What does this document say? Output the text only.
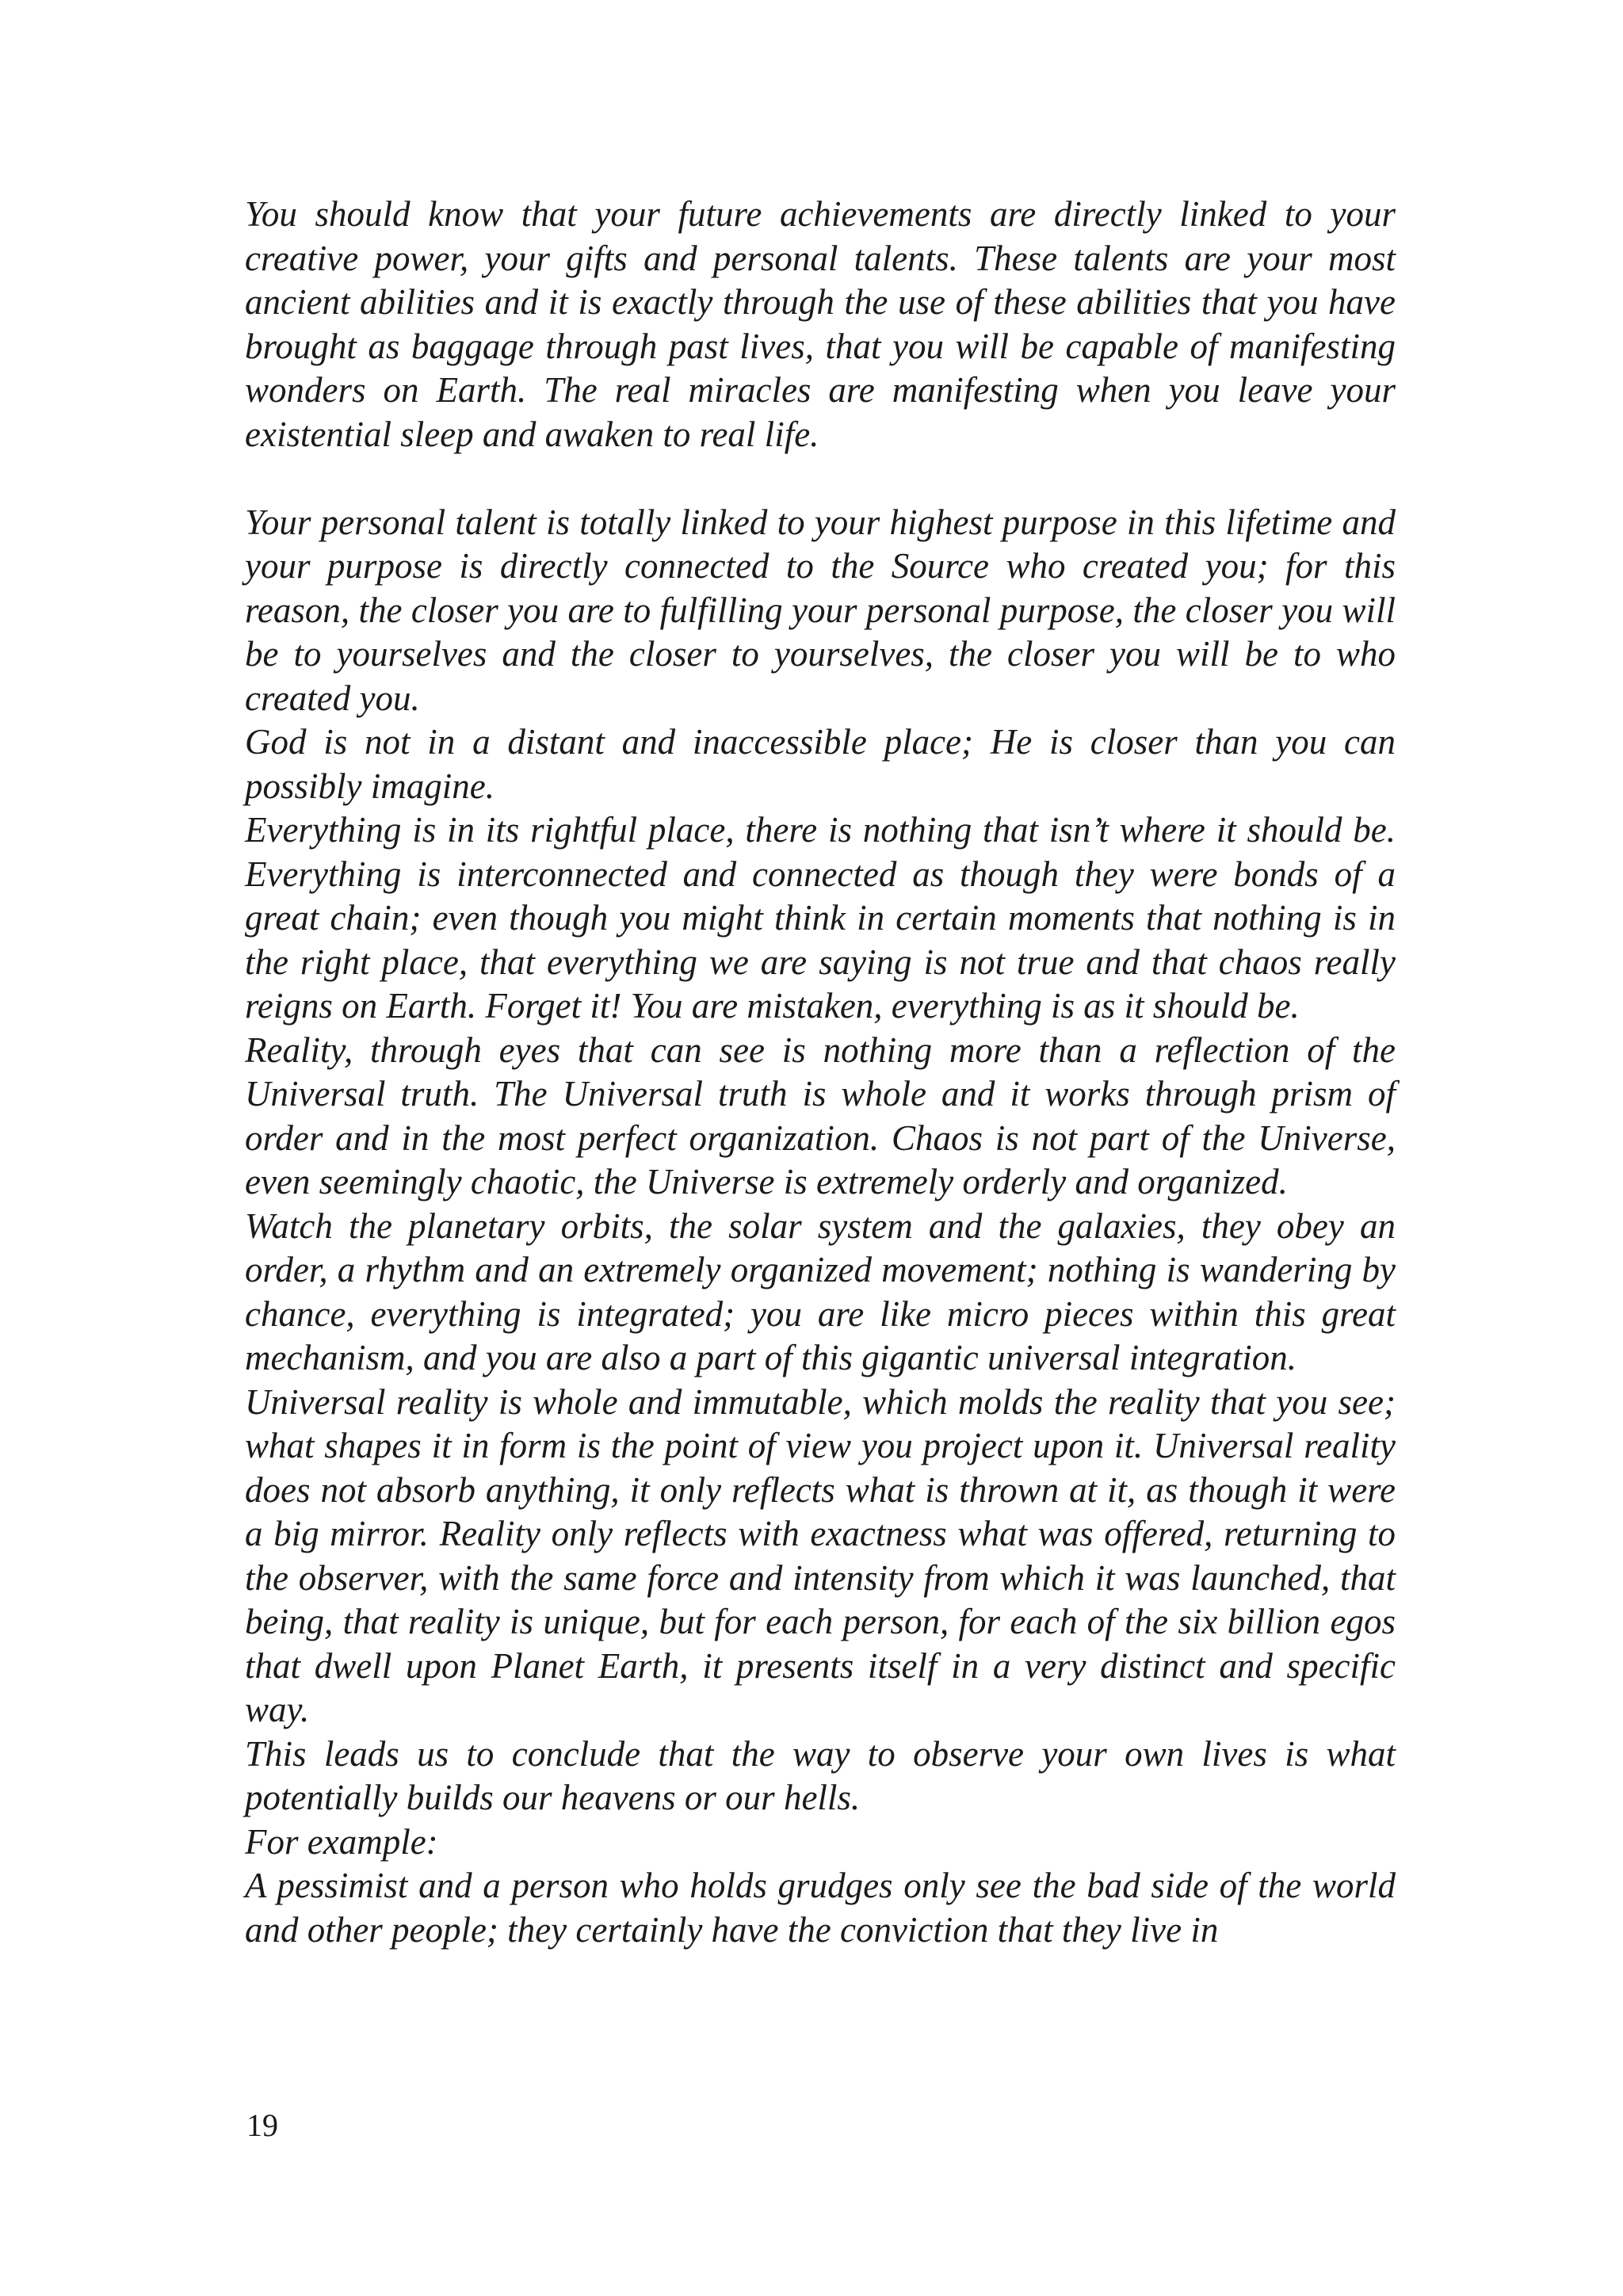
You should know that your future achievements are directly linked to your creative power, your gifts and personal talents. These talents are your most ancient abilities and it is exactly through the use of these abilities that you have brought as baggage through past lives, that you will be capable of manifesting wonders on Earth. The real miracles are manifesting when you leave your existential sleep and awaken to real life.

Your personal talent is totally linked to your highest purpose in this lifetime and your purpose is directly connected to the Source who created you; for this reason, the closer you are to fulfilling your personal purpose, the closer you will be to yourselves and the closer to yourselves, the closer you will be to who created you.

God is not in a distant and inaccessible place; He is closer than you can possibly imagine.

Everything is in its rightful place, there is nothing that isn’t where it should be. Everything is interconnected and connected as though they were bonds of a great chain; even though you might think in certain moments that nothing is in the right place, that everything we are saying is not true and that chaos really reigns on Earth. Forget it! You are mistaken, everything is as it should be.

Reality, through eyes that can see is nothing more than a reflection of the Universal truth. The Universal truth is whole and it works through prism of order and in the most perfect organization. Chaos is not part of the Universe, even seemingly chaotic, the Universe is extremely orderly and organized.

Watch the planetary orbits, the solar system and the galaxies, they obey an order, a rhythm and an extremely organized movement; nothing is wandering by chance, everything is integrated; you are like micro pieces within this great mechanism, and you are also a part of this gigantic universal integration.

Universal reality is whole and immutable, which molds the reality that you see; what shapes it in form is the point of view you project upon it. Universal reality does not absorb anything, it only reflects what is thrown at it, as though it were a big mirror. Reality only reflects with exactness what was offered, returning to the observer, with the same force and intensity from which it was launched, that being, that reality is unique, but for each person, for each of the six billion egos that dwell upon Planet Earth, it presents itself in a very distinct and specific way.

This leads us to conclude that the way to observe your own lives is what potentially builds our heavens or our hells.

For example:

A pessimist and a person who holds grudges only see the bad side of the world and other people; they certainly have the conviction that they live in

19
